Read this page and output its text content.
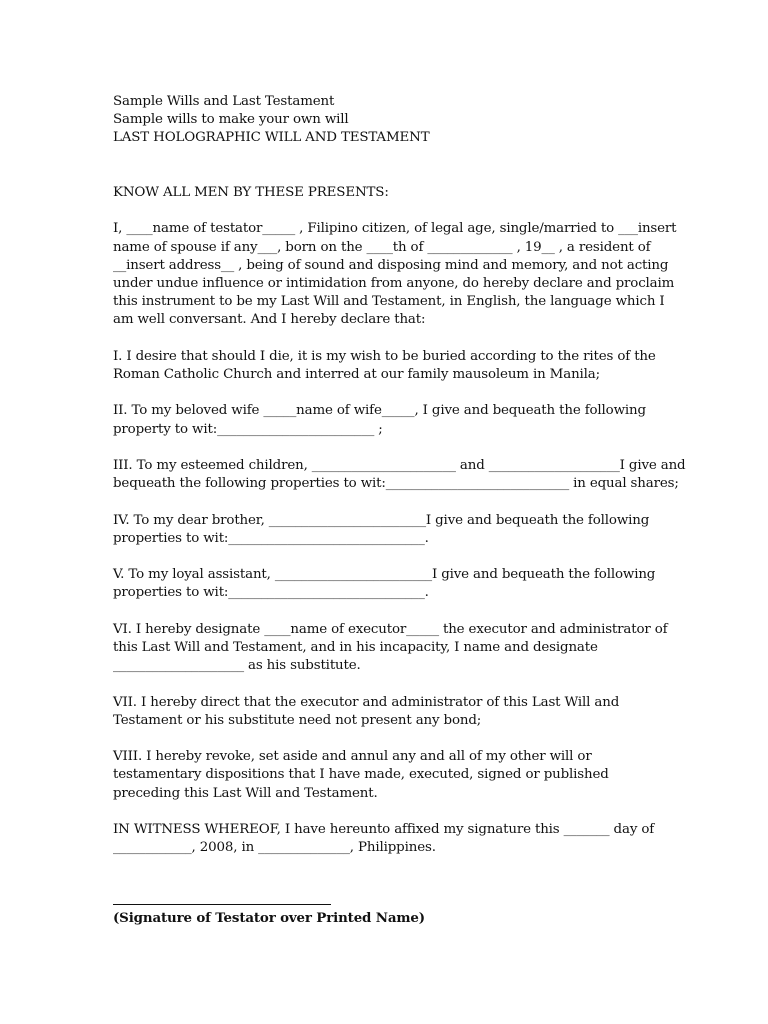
Sample Wills and Last Testament
Sample wills to make your own will
LAST HOLOGRAPHIC WILL AND TESTAMENT
KNOW ALL MEN BY THESE PRESENTS:
I, ____name of testator_____ , Filipino citizen, of legal age, single/married to ___insert
name of spouse if any___, born on the ____th of _____________ , 19__ , a resident of
__insert address__ , being of sound and disposing mind and memory, and not acting
under undue influence or intimidation from anyone, do hereby declare and proclaim
this instrument to be my Last Will and Testament, in English, the language which I
am well conversant. And I hereby declare that:
I. I desire that should I die, it is my wish to be buried according to the rites of the
Roman Catholic Church and interred at our family mausoleum in Manila;
II. To my beloved wife _____name of wife_____, I give and bequeath the following
property to wit:________________________ ;
III. To my esteemed children, ______________________ and ____________________I give and
bequeath the following properties to wit:____________________________ in equal shares;
IV. To my dear brother, ________________________I give and bequeath the following
properties to wit:______________________________.
V. To my loyal assistant, ________________________I give and bequeath the following
properties to wit:______________________________.
VI. I hereby designate ____name of executor_____ the executor and administrator of
this Last Will and Testament, and in his incapacity, I name and designate
____________________ as his substitute.
VII. I hereby direct that the executor and administrator of this Last Will and
Testament or his substitute need not present any bond;
VIII. I hereby revoke, set aside and annul any and all of my other will or
testamentary dispositions that I have made, executed, signed or published
preceding this Last Will and Testament.
IN WITNESS WHEREOF, I have hereunto affixed my signature this _______ day of
____________, 2008, in ______________, Philippines.
(Signature of Testator over Printed Name)
